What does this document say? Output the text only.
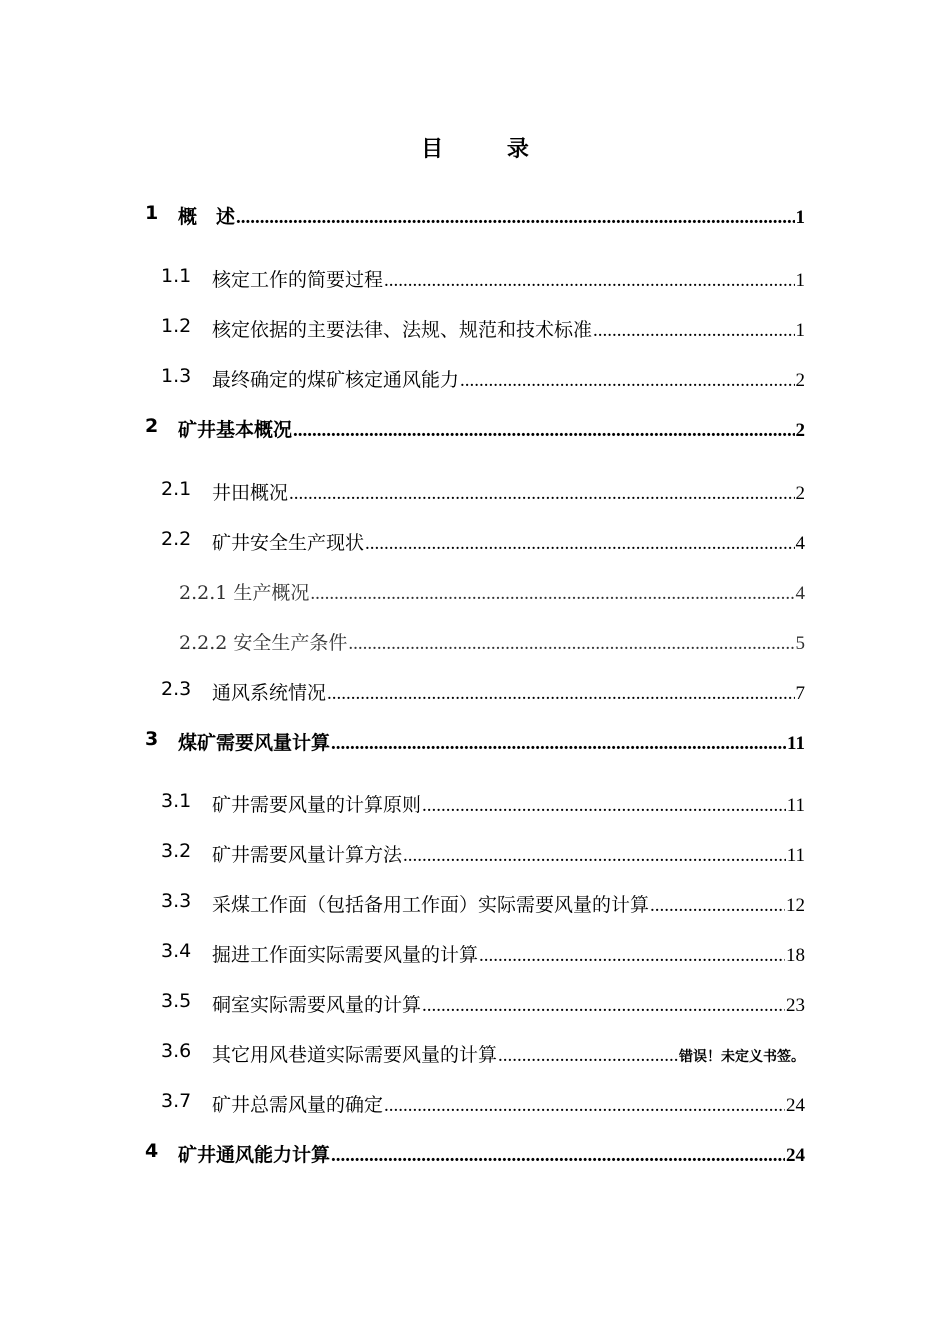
目 录
1 概　述 .....	1
1.1 核定工作的简要过程 .....	1
1.2 核定依据的主要法律、法规、规范和技术标准 .....	1
1.3 最终确定的煤矿核定通风能力 .....	2
2 矿井基本概况 .....	2
2.1 井田概况 .....	2
2.2 矿井安全生产现状 .....	4
2.2.1 生产概况 .....	4
2.2.2 安全生产条件 .....	5
2.3 通风系统情况 .....	7
3 煤矿需要风量计算 .....	11
3.1 矿井需要风量的计算原则 .....	11
3.2 矿井需要风量计算方法 .....	11
3.3 采煤工作面（包括备用工作面）实际需要风量的计算 .....	12
3.4 掘进工作面实际需要风量的计算 .....	18
3.5 硐室实际需要风量的计算 .....	23
3.6 其它用风巷道实际需要风量的计算 .....	错误！未定义书签。
3.7 矿井总需风量的确定 .....	24
4 矿井通风能力计算 .....	24
